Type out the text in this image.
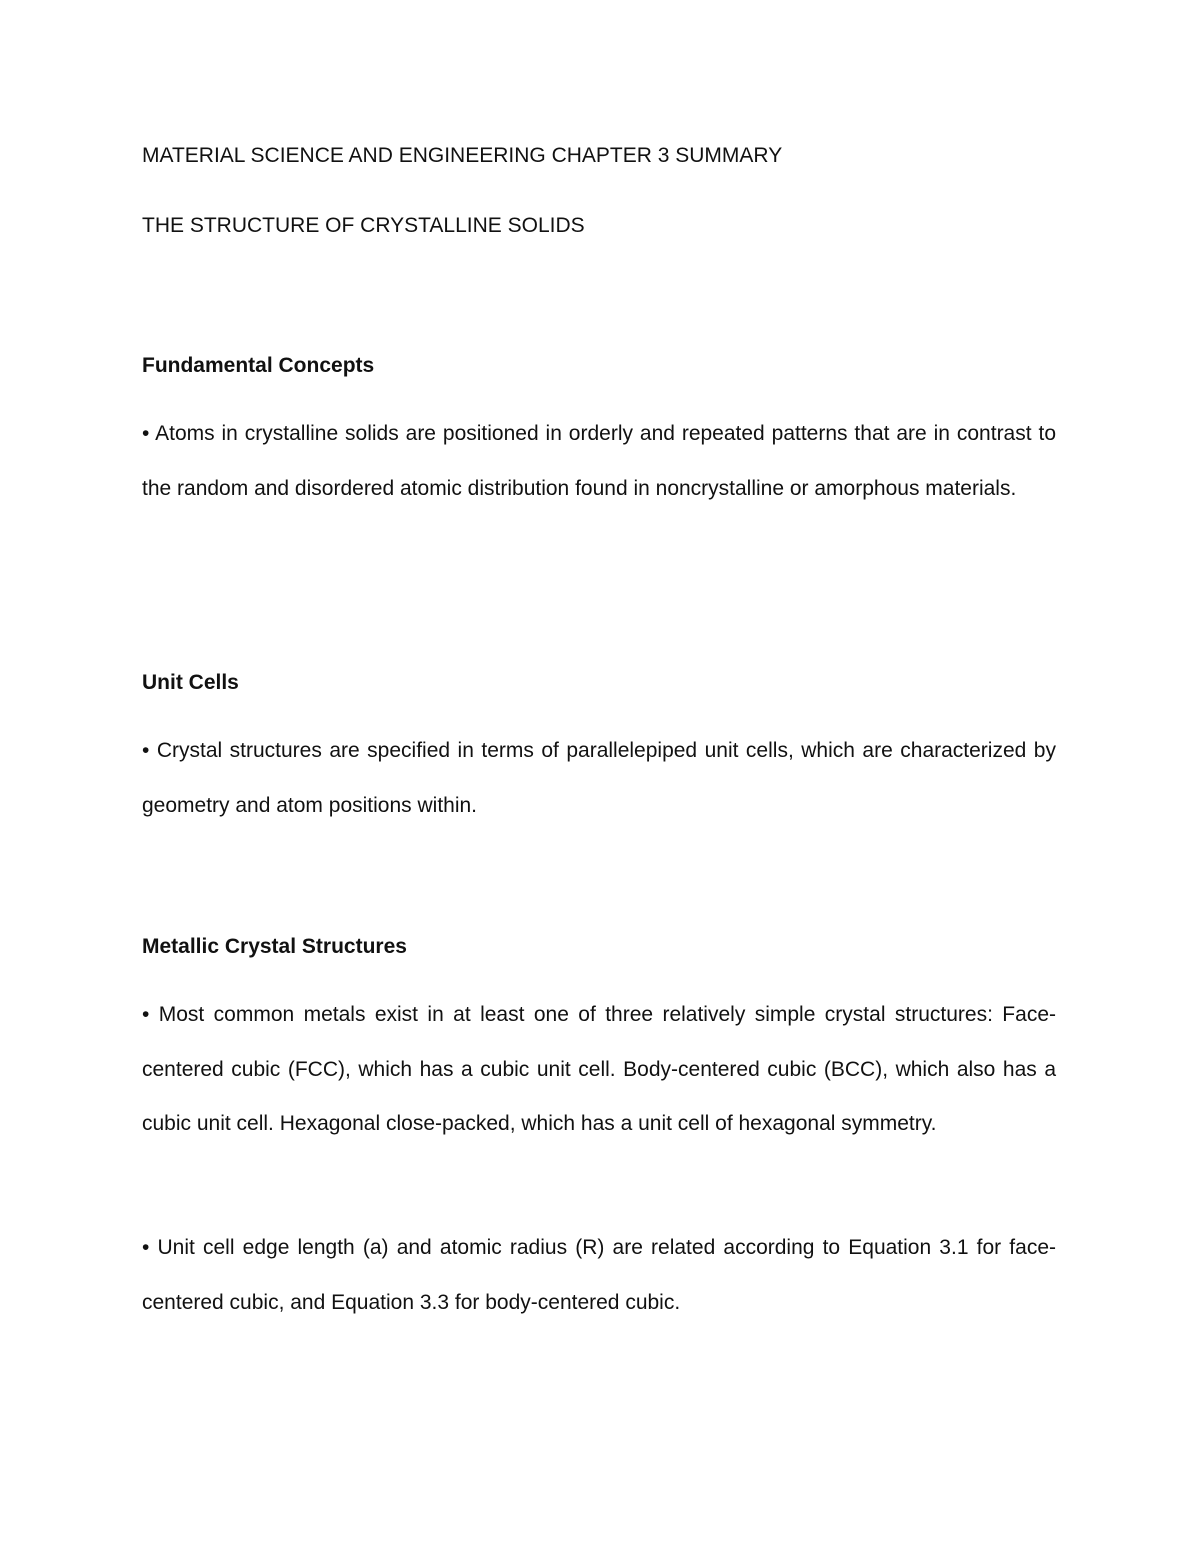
MATERIAL SCIENCE AND ENGINEERING CHAPTER 3 SUMMARY

THE STRUCTURE OF CRYSTALLINE SOLIDS

Fundamental Concepts

• Atoms in crystalline solids are positioned in orderly and repeated patterns that are in contrast to the random and disordered atomic distribution found in noncrystalline or amorphous materials.

Unit Cells

• Crystal structures are specified in terms of parallelepiped unit cells, which are characterized by geometry and atom positions within.

Metallic Crystal Structures

• Most common metals exist in at least one of three relatively simple crystal structures: Face-centered cubic (FCC), which has a cubic unit cell. Body-centered cubic (BCC), which also has a cubic unit cell. Hexagonal close-packed, which has a unit cell of hexagonal symmetry.

• Unit cell edge length (a) and atomic radius (R) are related according to Equation 3.1 for face-centered cubic, and Equation 3.3 for body-centered cubic.
